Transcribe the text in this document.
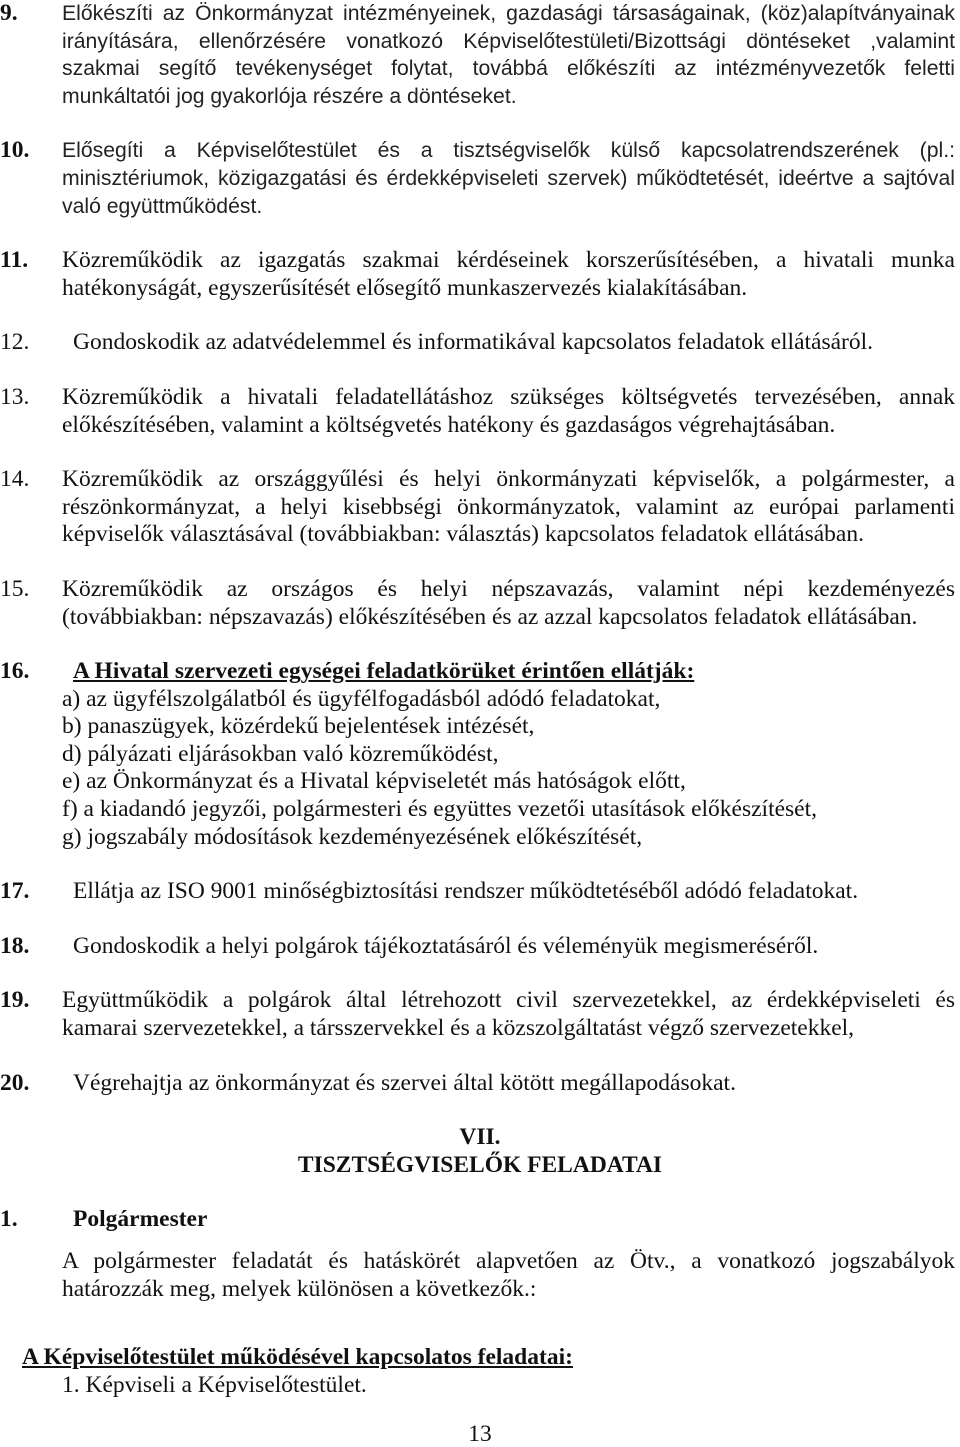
9. Előkészíti az Önkormányzat intézményeinek, gazdasági társaságainak, (köz)alapítványainak
irányítására, ellenőrzésére vonatkozó Képviselőtestületi/Bizottsági döntéseket ,valamint
szakmai segítő tevékenységet folytat, továbbá előkészíti az intézményvezetők feletti
munkáltatói jog gyakorlója részére a döntéseket.
10. Elősegíti a Képviselőtestület és a tisztségviselők külső kapcsolatrendszerének (pl.:
minisztériumok, közigazgatási és érdekképviseleti szervek) működtetését, ideértve a sajtóval
való együttműködést.
11. Közreműködik az igazgatás szakmai kérdéseinek korszerűsítésében, a hivatali munka
hatékonyságát, egyszerűsítését elősegítő munkaszervezés kialakításában.
12. Gondoskodik az adatvédelemmel és informatikával kapcsolatos feladatok ellátásáról.
13. Közreműködik a hivatali feladatellátáshoz szükséges költségvetés tervezésében, annak
előkészítésében, valamint a költségvetés hatékony és gazdaságos végrehajtásában.
14. Közreműködik az országgyűlési és helyi önkormányzati képviselők, a polgármester, a
részönkormányzat, a helyi kisebbségi önkormányzatok, valamint az európai parlamenti
képviselők választásával (továbbiakban: választás) kapcsolatos feladatok ellátásában.
15. Közreműködik az országos és helyi népszavazás, valamint népi kezdeményezés
(továbbiakban: népszavazás) előkészítésében és az azzal kapcsolatos feladatok ellátásában.
16.	A Hivatal szervezeti egységei feladatkörüket érintően ellátják:
a) az ügyfélszolgálatból és ügyfélfogadásból adódó feladatokat,
b) panaszügyek, közérdekű bejelentések intézését,
d) pályázati eljárásokban való közreműködést,
e) az Önkormányzat és a Hivatal képviseletét más hatóságok előtt,
f) a kiadandó jegyzői, polgármesteri és együttes vezetői utasítások előkészítését,
g) jogszabály módosítások kezdeményezésének előkészítését,
17. Ellátja az ISO 9001 minőségbiztosítási rendszer működtetéséből adódó feladatokat.
18. Gondoskodik a helyi polgárok tájékoztatásáról és véleményük megismeréséről.
19. Együttműködik a polgárok által létrehozott civil szervezetekkel, az érdekképviseleti és
kamarai szervezetekkel, a társszervekkel és a közszolgáltatást végző szervezetekkel,
20. Végrehajtja az önkormányzat és szervei által kötött megállapodásokat.
VII.
TISZTSÉGVISELŐK FELADATAI
1. Polgármester
A polgármester feladatát és hatáskörét alapvetően az Ötv., a vonatkozó jogszabályok
határozzák meg, melyek különösen a következők.:
A Képviselőtestület működésével kapcsolatos feladatai:
1. Képviseli a Képviselőtestület.
13
